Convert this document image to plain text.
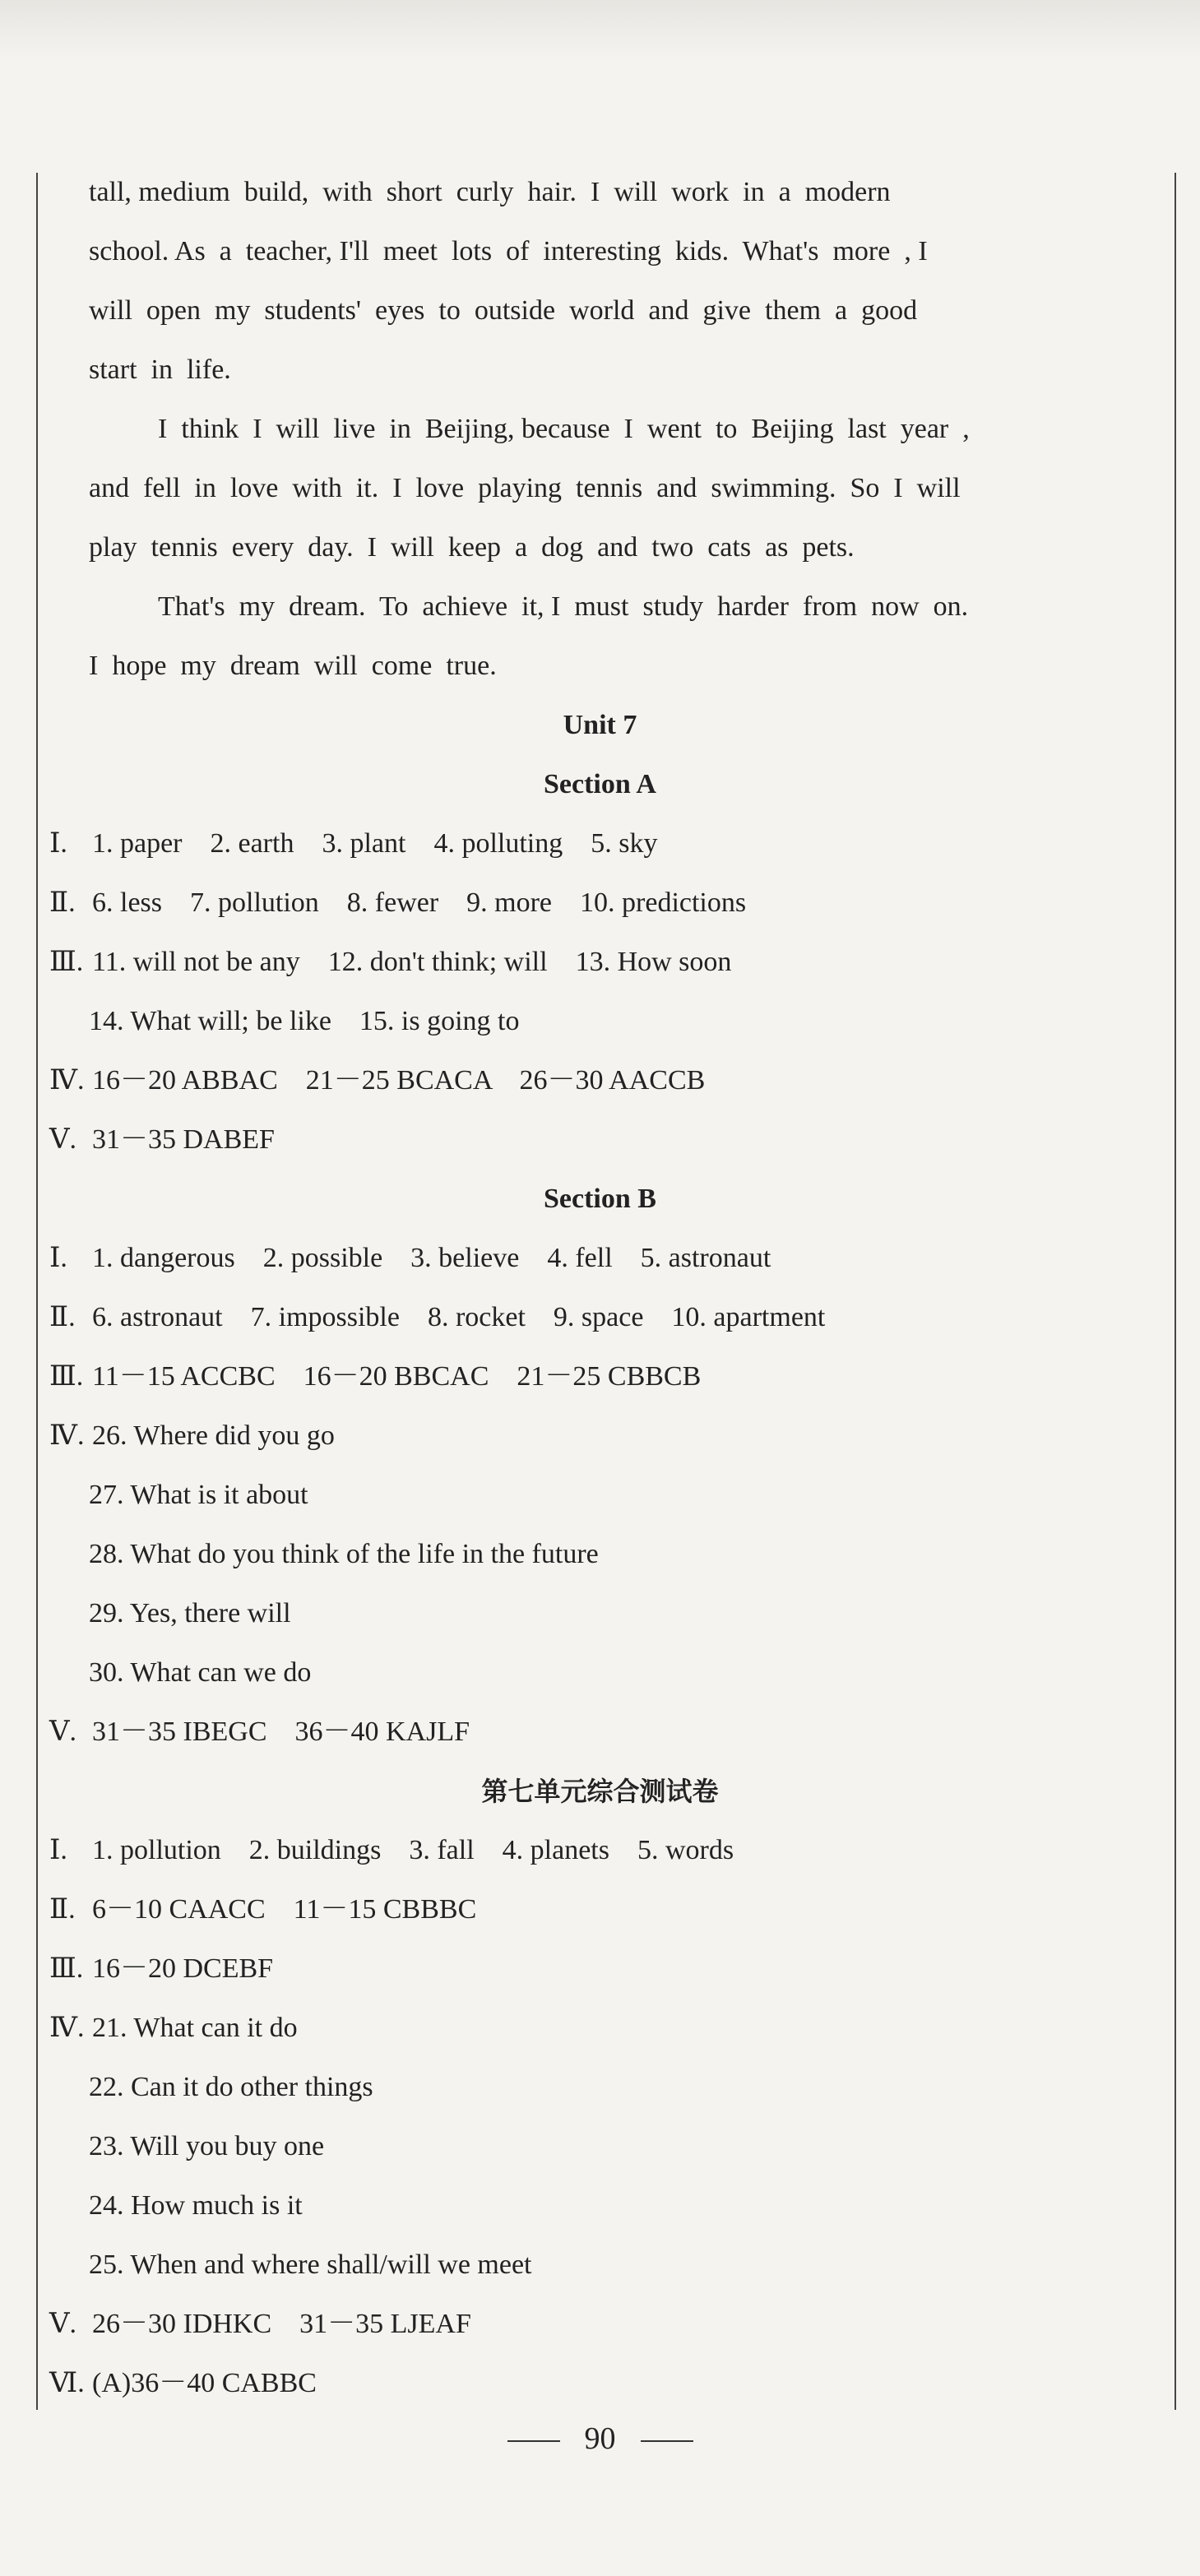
tall, medium  build,  with  short  curly  hair.  I  will  work  in  a  modern
school. As  a  teacher, I'll  meet  lots  of  interesting  kids.  What's  more  , I
will  open  my  students'  eyes  to  outside  world  and  give  them  a  good
start  in  life.
I  think  I  will  live  in  Beijing, because  I  went  to  Beijing  last  year  ,
and  fell  in  love  with  it.  I  love  playing  tennis  and  swimming.  So  I  will
play  tennis  every  day.  I  will  keep  a  dog  and  two  cats  as  pets.
That's  my  dream.  To  achieve  it, I  must  study  harder  from  now  on.
I  hope  my  dream  will  come  true.
Unit 7
Section A
Ⅰ. 1. paper    2. earth    3. plant    4. polluting    5. sky
Ⅱ. 6. less    7. pollution    8. fewer    9. more    10. predictions
Ⅲ. 11. will not be any    12. don't think; will    13. How soon
14. What will; be like    15. is going to
Ⅳ. 16－20 ABBAC    21－25 BCACA    26－30 AACCB
Ⅴ. 31－35 DABEF
Section B
Ⅰ. 1. dangerous    2. possible    3. believe    4. fell    5. astronaut
Ⅱ. 6. astronaut    7. impossible    8. rocket    9. space    10. apartment
Ⅲ. 11－15 ACCBC    16－20 BBCAC    21－25 CBBCB
Ⅳ. 26. Where did you go
27. What is it about
28. What do you think of the life in the future
29. Yes, there will
30. What can we do
Ⅴ. 31－35 IBEGC    36－40 KAJLF
第七单元综合测试卷
Ⅰ. 1. pollution    2. buildings    3. fall    4. planets    5. words
Ⅱ. 6－10 CAACC    11－15 CBBBC
Ⅲ. 16－20 DCEBF
Ⅳ. 21. What can it do
22. Can it do other things
23. Will you buy one
24. How much is it
25. When and where shall/will we meet
Ⅴ. 26－30 IDHKC    31－35 LJEAF
Ⅵ. (A)36－40 CABBC
90
